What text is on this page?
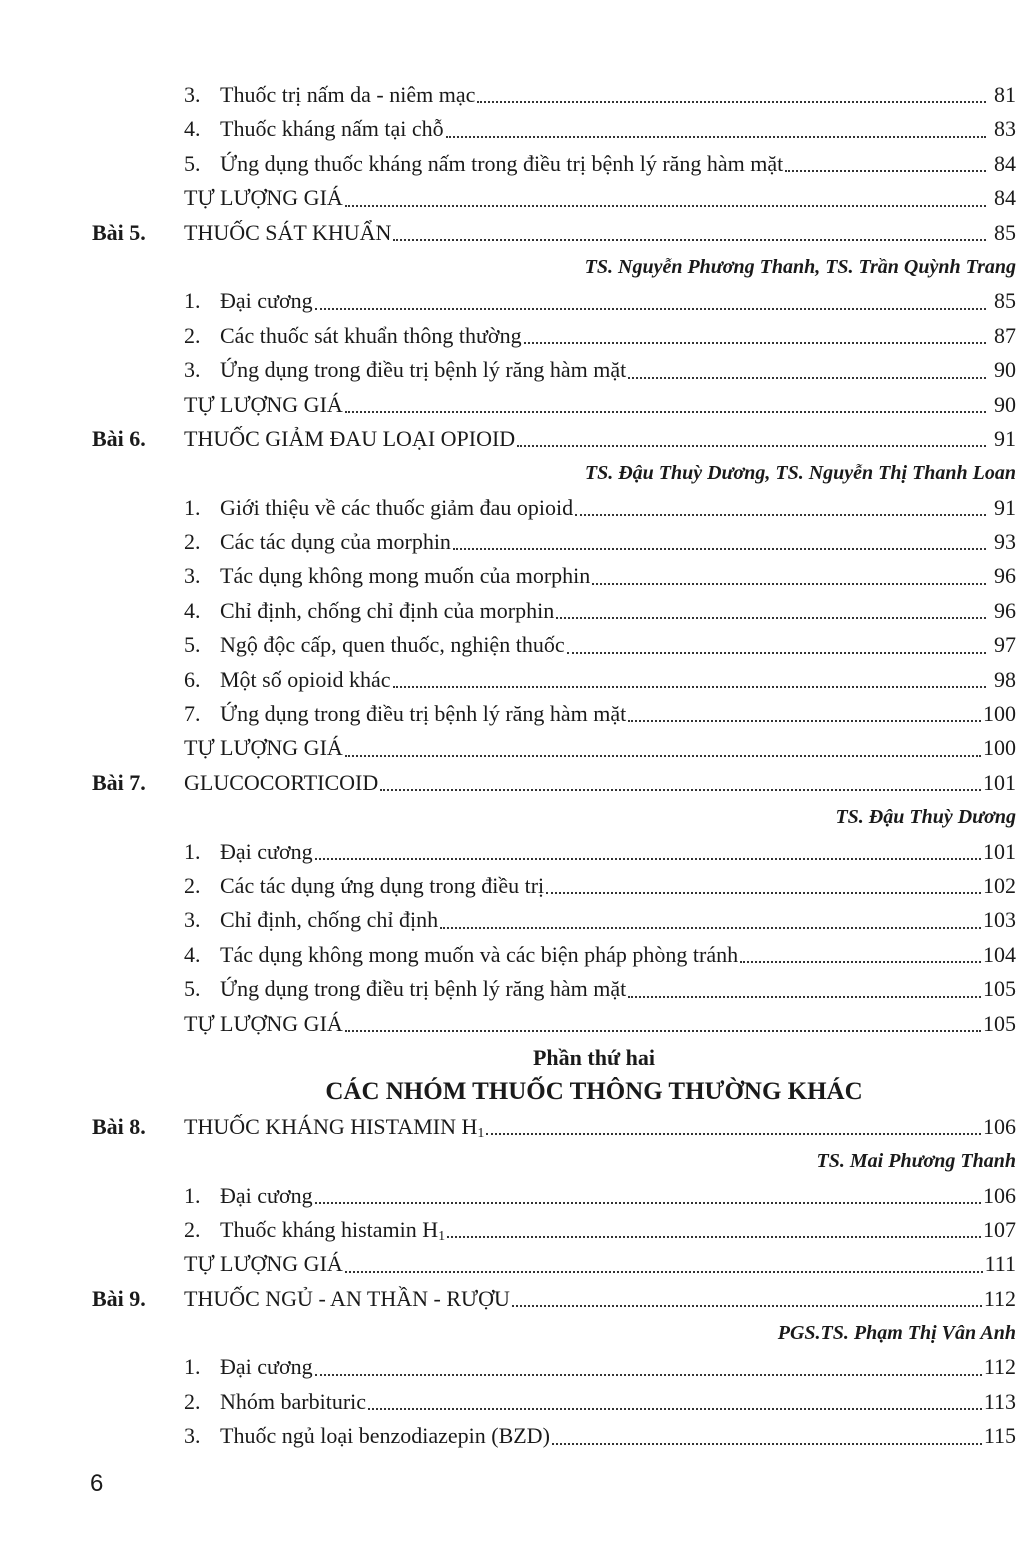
3. Thuốc trị nấm da - niêm mạc	81
4. Thuốc kháng nấm tại chỗ	83
5. Ứng dụng thuốc kháng nấm trong điều trị bệnh lý răng hàm mặt	84
TỰ LƯỢNG GIÁ	84
Bài 5.	THUỐC SÁT KHUẨN	85
TS. Nguyễn Phương Thanh, TS. Trần Quỳnh Trang
1. Đại cương	85
2. Các thuốc sát khuẩn thông thường	87
3. Ứng dụng trong điều trị bệnh lý răng hàm mặt	90
TỰ LƯỢNG GIÁ	90
Bài 6.	THUỐC GIẢM ĐAU LOẠI OPIOID	91
TS. Đậu Thuỳ Dương, TS. Nguyễn Thị Thanh Loan
1. Giới thiệu về các thuốc giảm đau opioid	91
2. Các tác dụng của morphin	93
3. Tác dụng không mong muốn của morphin	96
4. Chỉ định, chống chỉ định của morphin	96
5. Ngộ độc cấp, quen thuốc, nghiện thuốc	97
6. Một số opioid khác	98
7. Ứng dụng trong điều trị bệnh lý răng hàm mặt	100
TỰ LƯỢNG GIÁ	100
Bài 7.	GLUCOCORTICOID	101
TS. Đậu Thuỳ Dương
1. Đại cương	101
2. Các tác dụng ứng dụng trong điều trị	102
3. Chỉ định, chống chỉ định	103
4. Tác dụng không mong muốn và các biện pháp phòng tránh	104
5. Ứng dụng trong điều trị bệnh lý răng hàm mặt	105
TỰ LƯỢNG GIÁ	105
Phần thứ hai
CÁC NHÓM THUỐC THÔNG THƯỜNG KHÁC
Bài 8.	THUỐC KHÁNG HISTAMIN $H_1$	106
TS. Mai Phương Thanh
1. Đại cương	106
2. Thuốc kháng histamin $H_1$	107
TỰ LƯỢNG GIÁ	111
Bài 9.	THUỐC NGỦ - AN THẦN - RƯỢU	112
PGS.TS. Phạm Thị Vân Anh
1. Đại cương	112
2. Nhóm barbituric	113
3. Thuốc ngủ loại benzodiazepin (BZD)	115
6
